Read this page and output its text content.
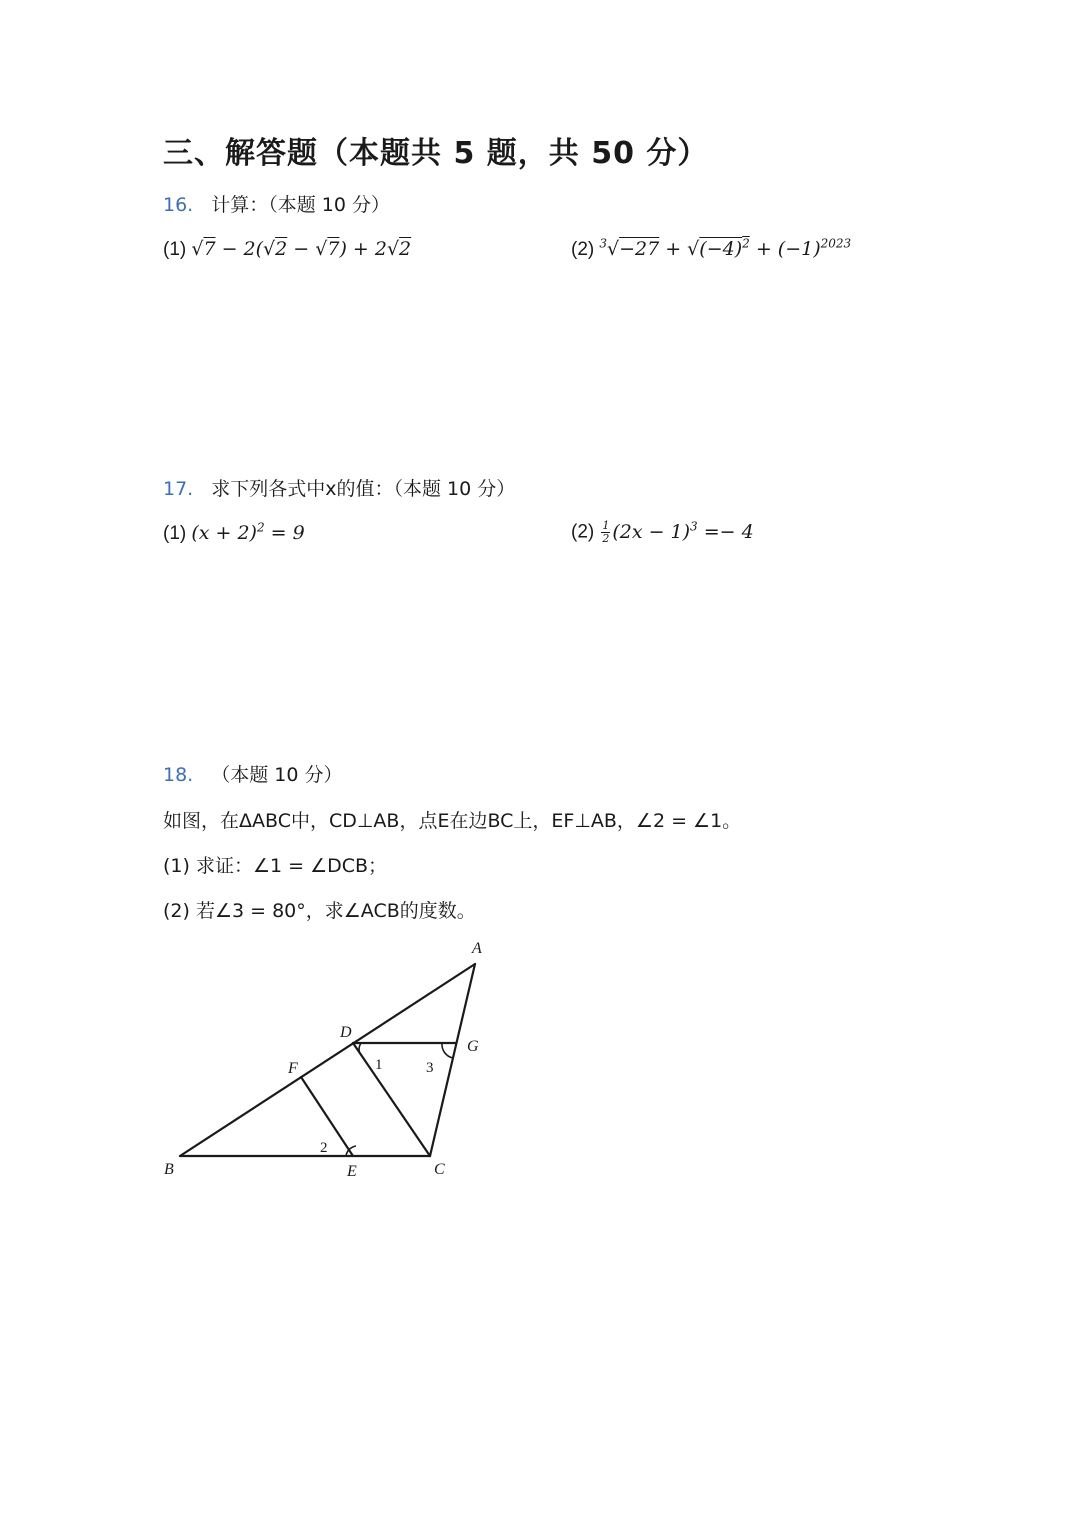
三、解答题（本题共 5 题，共 50 分）
16. 计算：（本题 10 分）
(1) √7 − 2(√2 − √7) + 2√2	(2) $^3√-27 + √(-4)^2 + (-1)^{2023}$
17. 求下列各式中x的值：（本题 10 分）
(1) $(x + 2)^2 = 9$	$(2) \frac{1}{2} (2x - 1)^3 =- 4$
18. （本题 10 分）
如图，在ΔABC中，CD⊥AB，点E在边BC上，EF⊥AB，∠2 = ∠1。
(1) 求证：∠1 = ∠DCB；
(2) 若∠3 = 80°，求∠ACB的度数。
A
B	C
D
E
F
G
1	3
2
